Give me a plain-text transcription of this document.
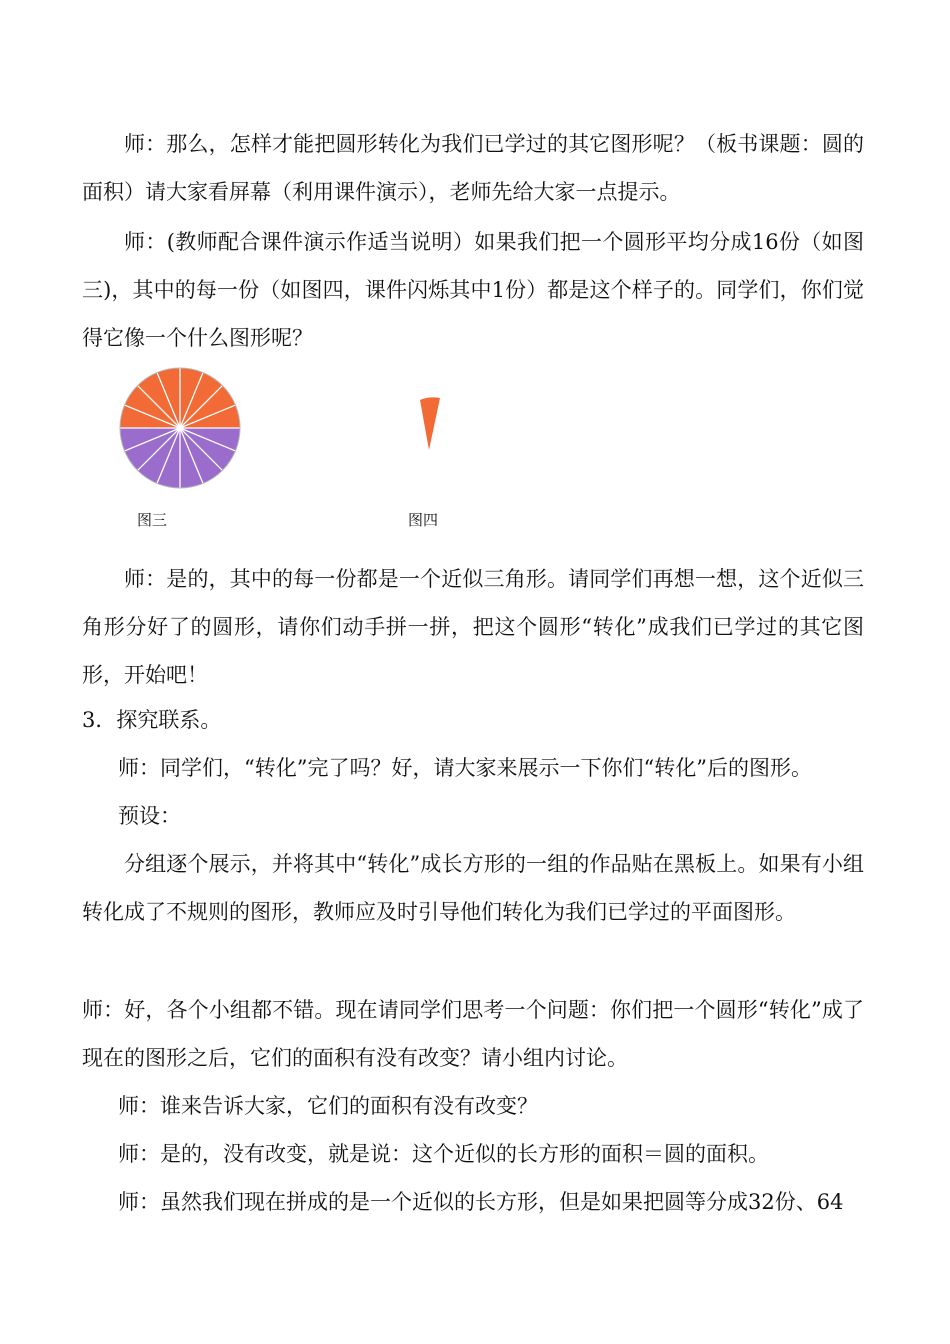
师：那么，怎样才能把圆形转化为我们已学过的其它图形呢？（板书课题：圆的面积）请大家看屏幕（利用课件演示），老师先给大家一点提示。
师：(教师配合课件演示作适当说明）如果我们把一个圆形平均分成16份（如图三)，其中的每一份（如图四，课件闪烁其中1份）都是这个样子的。同学们，你们觉得它像一个什么图形呢？
图三	图四
师：是的，其中的每一份都是一个近似三角形。请同学们再想一想，这个近似三角形分好了的圆形，请你们动手拼一拼，把这个圆形“转化”成我们已学过的其它图形，开始吧！
3．探究联系。
师：同学们，“转化”完了吗？好，请大家来展示一下你们“转化”后的图形。
预设：
分组逐个展示，并将其中“转化”成长方形的一组的作品贴在黑板上。如果有小组转化成了不规则的图形，教师应及时引导他们转化为我们已学过的平面图形。
师：好，各个小组都不错。现在请同学们思考一个问题：你们把一个圆形“转化”成了现在的图形之后，它们的面积有没有改变？请小组内讨论。
师：谁来告诉大家，它们的面积有没有改变？
师：是的，没有改变，就是说：这个近似的长方形的面积＝圆的面积。
师：虽然我们现在拼成的是一个近似的长方形，但是如果把圆等分成32份、64
